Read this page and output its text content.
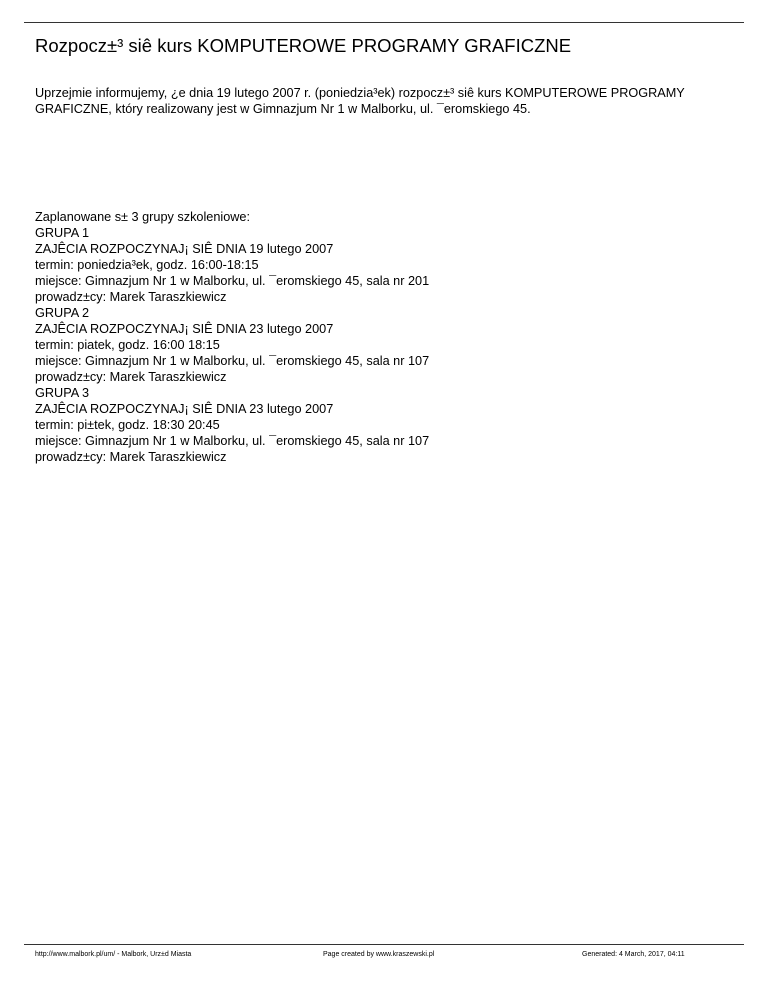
Rozpocz±³ siê kurs KOMPUTEROWE PROGRAMY GRAFICZNE
Uprzejmie informujemy, ¿e dnia 19 lutego 2007 r. (poniedzia³ek) rozpocz±³ siê kurs KOMPUTEROWE PROGRAMY GRAFICZNE, który realizowany jest w Gimnazjum Nr 1 w Malborku, ul. ¯eromskiego 45.
Zaplanowane s± 3 grupy szkoleniowe:
GRUPA 1
ZAJÊCIA ROZPOCZYNAJ¡ SIÊ DNIA 19 lutego 2007
termin: poniedzia³ek, godz. 16:00-18:15
miejsce: Gimnazjum Nr 1 w Malborku, ul. ¯eromskiego 45, sala nr 201
prowadz±cy: Marek Taraszkiewicz
GRUPA 2
ZAJÊCIA ROZPOCZYNAJ¡ SIÊ DNIA 23 lutego 2007
termin: piatek, godz. 16:00 18:15
miejsce: Gimnazjum Nr 1 w Malborku, ul. ¯eromskiego 45, sala nr 107
prowadz±cy: Marek Taraszkiewicz
GRUPA 3
ZAJÊCIA ROZPOCZYNAJ¡ SIÊ DNIA 23 lutego 2007
termin: pi±tek, godz. 18:30 20:45
miejsce: Gimnazjum Nr 1 w Malborku, ul. ¯eromskiego 45, sala nr 107
prowadz±cy: Marek Taraszkiewicz
http://www.malbork.pl/um/ - Malbork, Urz±d Miasta	Page created by www.kraszewski.pl	Generated: 4 March, 2017, 04:11
